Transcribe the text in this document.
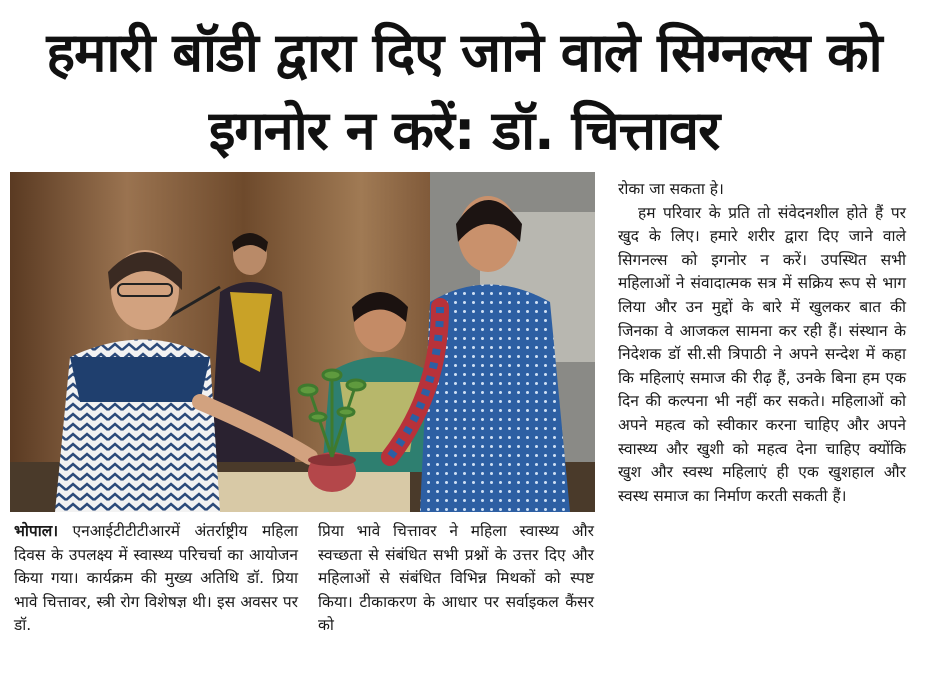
हमारी बॉडी द्वारा दिए जाने वाले सिग्नल्स को
इगनोर न करें: डॉ. चित्तावर

भोपाल। एनआईटीटीटीआरमें अंतर्राष्ट्रीय महिला दिवस के उपलक्ष्य में स्वास्थ्य परिचर्चा का आयोजन किया गया। कार्यक्रम की मुख्य अतिथि डॉ. प्रिया भावे चित्तावर, स्त्री रोग विशेषज्ञ थी। इस अवसर पर डॉ.

प्रिया भावे चित्तावर ने महिला स्वास्थ्य और स्वच्छता से संबंधित सभी प्रश्नों के उत्तर दिए और महिलाओं से संबंधित विभिन्न मिथकों को स्पष्ट किया। टीकाकरण के आधार पर सर्वाइकल कैंसर को

रोका जा सकता हे।

हम परिवार के प्रति तो संवेदनशील होते हैं पर खुद के लिए। हमारे शरीर द्वारा दिए जाने वाले सिगनल्स को इगनोर न करें। उपस्थित सभी महिलाओं ने संवादात्मक सत्र में सक्रिय रूप से भाग लिया और उन मुद्दों के बारे में खुलकर बात की जिनका वे आजकल सामना कर रही हैं। संस्थान के निदेशक डॉ सी.सी त्रिपाठी ने अपने सन्देश में कहा कि महिलाएं समाज की रीढ़ हैं, उनके बिना हम एक दिन की कल्पना भी नहीं कर सकते। महिलाओं को अपने महत्व को स्वीकार करना चाहिए और अपने स्वास्थ्य और खुशी को महत्व देना चाहिए क्योंकि खुश और स्वस्थ महिलाएं ही एक खुशहाल और स्वस्थ समाज का निर्माण करती सकती हैं।
